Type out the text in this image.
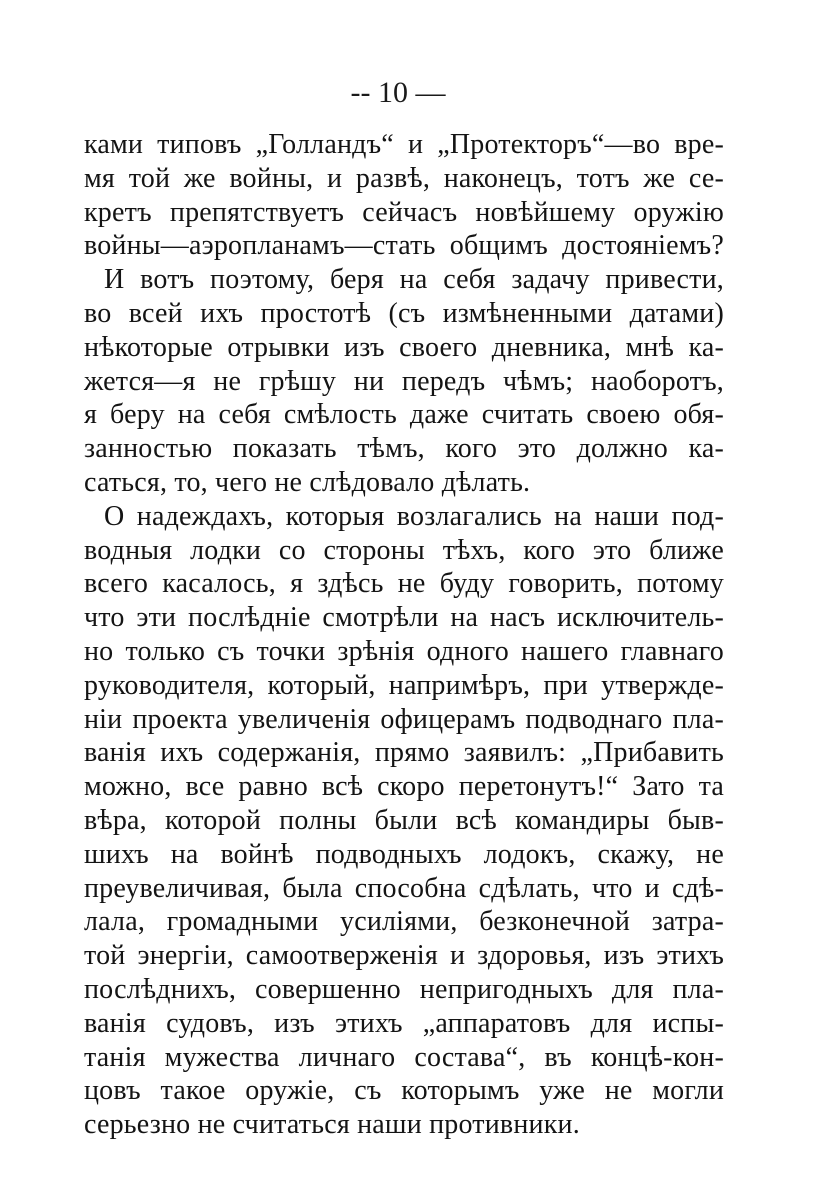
-- 10 —
ками типовъ „Голландъ“ и „Протекторъ“—во вре-
мя той же войны, и развѣ, наконецъ, тотъ же се-
кретъ препятствуетъ сейчасъ новѣйшему оружію
войны—аэропланамъ—стать общимъ достояніемъ?
И вотъ поэтому, беря на себя задачу привести,
во всей ихъ простотѣ (съ измѣненными датами)
нѣкоторые отрывки изъ своего дневника, мнѣ ка-
жется—я не грѣшу ни передъ чѣмъ; наоборотъ,
я беру на себя смѣлость даже считать своею обя-
занностью показать тѣмъ, кого это должно ка-
саться, то, чего не слѣдовало дѣлать.
О надеждахъ, которыя возлагались на наши под-
водныя лодки со стороны тѣхъ, кого это ближе
всего касалось, я здѣсь не буду говорить, потому
что эти послѣдніе смотрѣли на насъ исключитель-
но только съ точки зрѣнія одного нашего главнаго
руководителя, который, напримѣръ, при утвержде-
ніи проекта увеличенія офицерамъ подводнаго пла-
ванія ихъ содержанія, прямо заявилъ: „Прибавить
можно, все равно всѣ скоро перетонутъ!“ Зато та
вѣра, которой полны были всѣ командиры быв-
шихъ на войнѣ подводныхъ лодокъ, скажу, не
преувеличивая, была способна сдѣлать, что и сдѣ-
лала, громадными усиліями, безконечной затра-
той энергіи, самоотверженія и здоровья, изъ этихъ
послѣднихъ, совершенно непригодныхъ для пла-
ванія судовъ, изъ этихъ „аппаратовъ для испы-
танія мужества личнаго состава“, въ концѣ-кон-
цовъ такое оружіе, съ которымъ уже не могли
серьезно не считаться наши противники.
